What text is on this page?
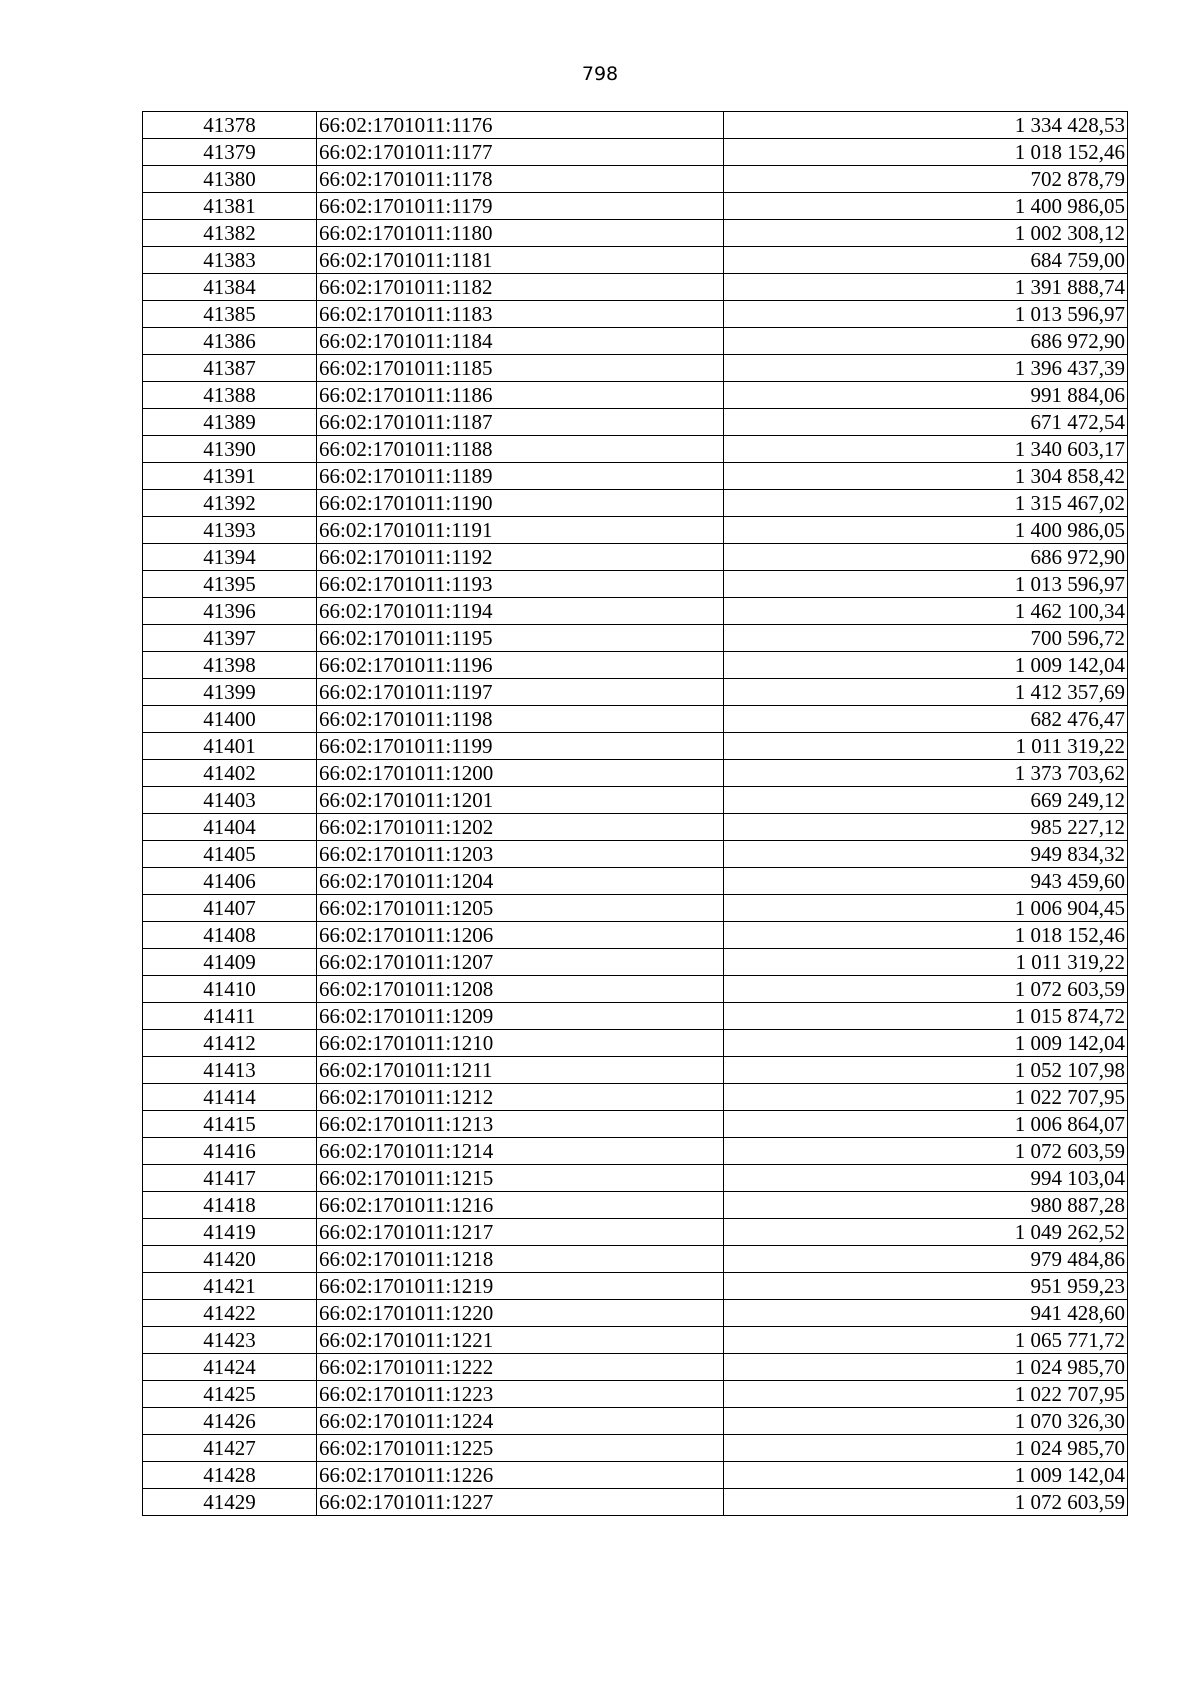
798
41378	66:02:1701011:1176	1 334 428,53
41379	66:02:1701011:1177	1 018 152,46
41380	66:02:1701011:1178	702 878,79
41381	66:02:1701011:1179	1 400 986,05
41382	66:02:1701011:1180	1 002 308,12
41383	66:02:1701011:1181	684 759,00
41384	66:02:1701011:1182	1 391 888,74
41385	66:02:1701011:1183	1 013 596,97
41386	66:02:1701011:1184	686 972,90
41387	66:02:1701011:1185	1 396 437,39
41388	66:02:1701011:1186	991 884,06
41389	66:02:1701011:1187	671 472,54
41390	66:02:1701011:1188	1 340 603,17
41391	66:02:1701011:1189	1 304 858,42
41392	66:02:1701011:1190	1 315 467,02
41393	66:02:1701011:1191	1 400 986,05
41394	66:02:1701011:1192	686 972,90
41395	66:02:1701011:1193	1 013 596,97
41396	66:02:1701011:1194	1 462 100,34
41397	66:02:1701011:1195	700 596,72
41398	66:02:1701011:1196	1 009 142,04
41399	66:02:1701011:1197	1 412 357,69
41400	66:02:1701011:1198	682 476,47
41401	66:02:1701011:1199	1 011 319,22
41402	66:02:1701011:1200	1 373 703,62
41403	66:02:1701011:1201	669 249,12
41404	66:02:1701011:1202	985 227,12
41405	66:02:1701011:1203	949 834,32
41406	66:02:1701011:1204	943 459,60
41407	66:02:1701011:1205	1 006 904,45
41408	66:02:1701011:1206	1 018 152,46
41409	66:02:1701011:1207	1 011 319,22
41410	66:02:1701011:1208	1 072 603,59
41411	66:02:1701011:1209	1 015 874,72
41412	66:02:1701011:1210	1 009 142,04
41413	66:02:1701011:1211	1 052 107,98
41414	66:02:1701011:1212	1 022 707,95
41415	66:02:1701011:1213	1 006 864,07
41416	66:02:1701011:1214	1 072 603,59
41417	66:02:1701011:1215	994 103,04
41418	66:02:1701011:1216	980 887,28
41419	66:02:1701011:1217	1 049 262,52
41420	66:02:1701011:1218	979 484,86
41421	66:02:1701011:1219	951 959,23
41422	66:02:1701011:1220	941 428,60
41423	66:02:1701011:1221	1 065 771,72
41424	66:02:1701011:1222	1 024 985,70
41425	66:02:1701011:1223	1 022 707,95
41426	66:02:1701011:1224	1 070 326,30
41427	66:02:1701011:1225	1 024 985,70
41428	66:02:1701011:1226	1 009 142,04
41429	66:02:1701011:1227	1 072 603,59
